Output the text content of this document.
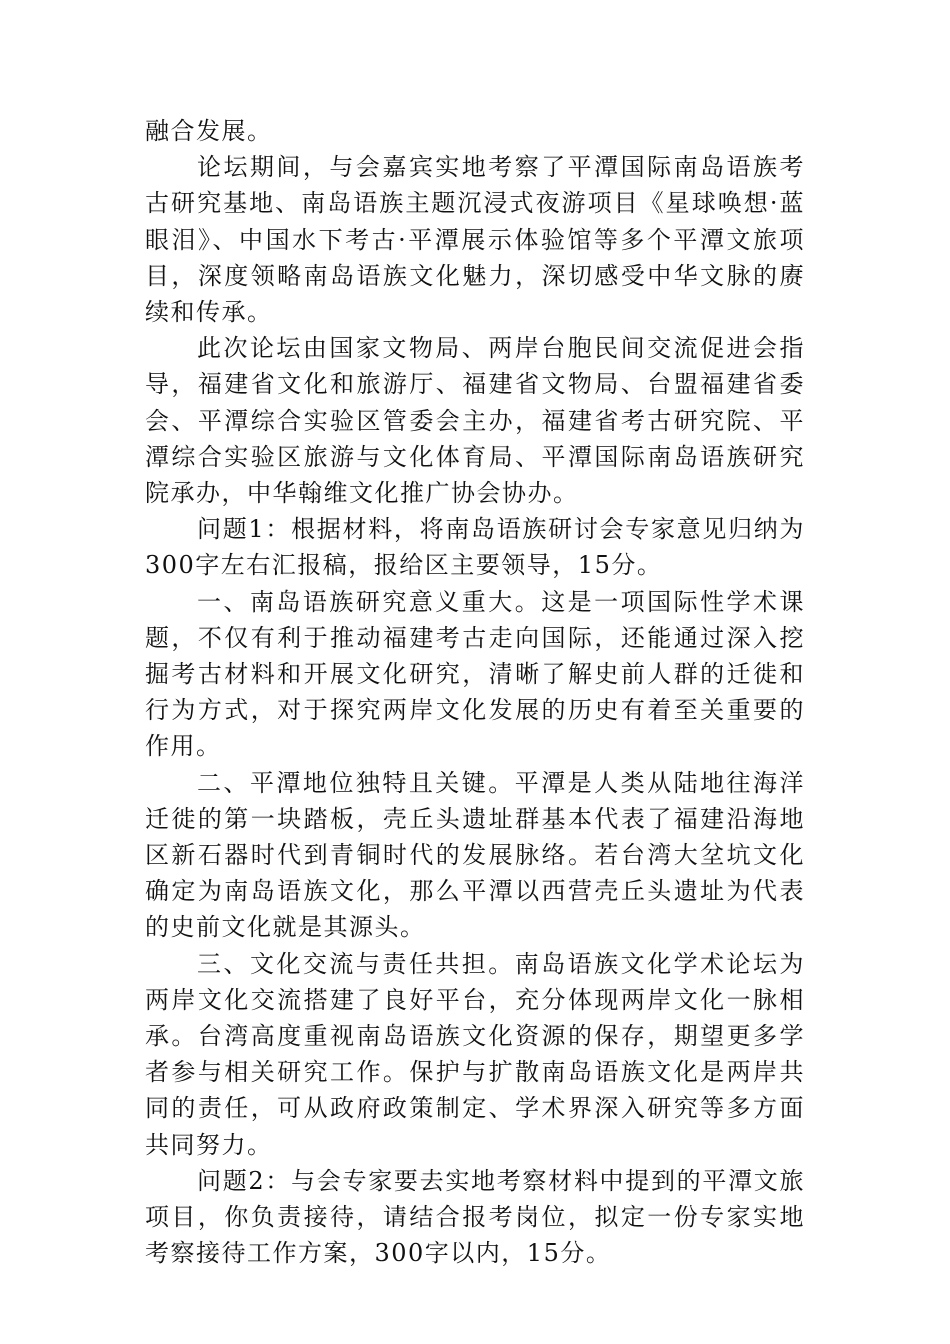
融合发展。

论坛期间，与会嘉宾实地考察了平潭国际南岛语族考古研究基地、南岛语族主题沉浸式夜游项目《星球唤想·蓝眼泪》、中国水下考古·平潭展示体验馆等多个平潭文旅项目，深度领略南岛语族文化魅力，深切感受中华文脉的赓续和传承。

此次论坛由国家文物局、两岸台胞民间交流促进会指导，福建省文化和旅游厅、福建省文物局、台盟福建省委会、平潭综合实验区管委会主办，福建省考古研究院、平潭综合实验区旅游与文化体育局、平潭国际南岛语族研究院承办，中华翰维文化推广协会协办。

问题1：根据材料，将南岛语族研讨会专家意见归纳为300字左右汇报稿，报给区主要领导，15分。

一、南岛语族研究意义重大。这是一项国际性学术课题，不仅有利于推动福建考古走向国际，还能通过深入挖掘考古材料和开展文化研究，清晰了解史前人群的迁徙和行为方式，对于探究两岸文化发展的历史有着至关重要的作用。

二、平潭地位独特且关键。平潭是人类从陆地往海洋迁徙的第一块踏板，壳丘头遗址群基本代表了福建沿海地区新石器时代到青铜时代的发展脉络。若台湾大坌坑文化确定为南岛语族文化，那么平潭以西营壳丘头遗址为代表的史前文化就是其源头。

三、文化交流与责任共担。南岛语族文化学术论坛为两岸文化交流搭建了良好平台，充分体现两岸文化一脉相承。台湾高度重视南岛语族文化资源的保存，期望更多学者参与相关研究工作。保护与扩散南岛语族文化是两岸共同的责任，可从政府政策制定、学术界深入研究等多方面共同努力。

问题2：与会专家要去实地考察材料中提到的平潭文旅项目，你负责接待，请结合报考岗位，拟定一份专家实地考察接待工作方案，300字以内，15分。
